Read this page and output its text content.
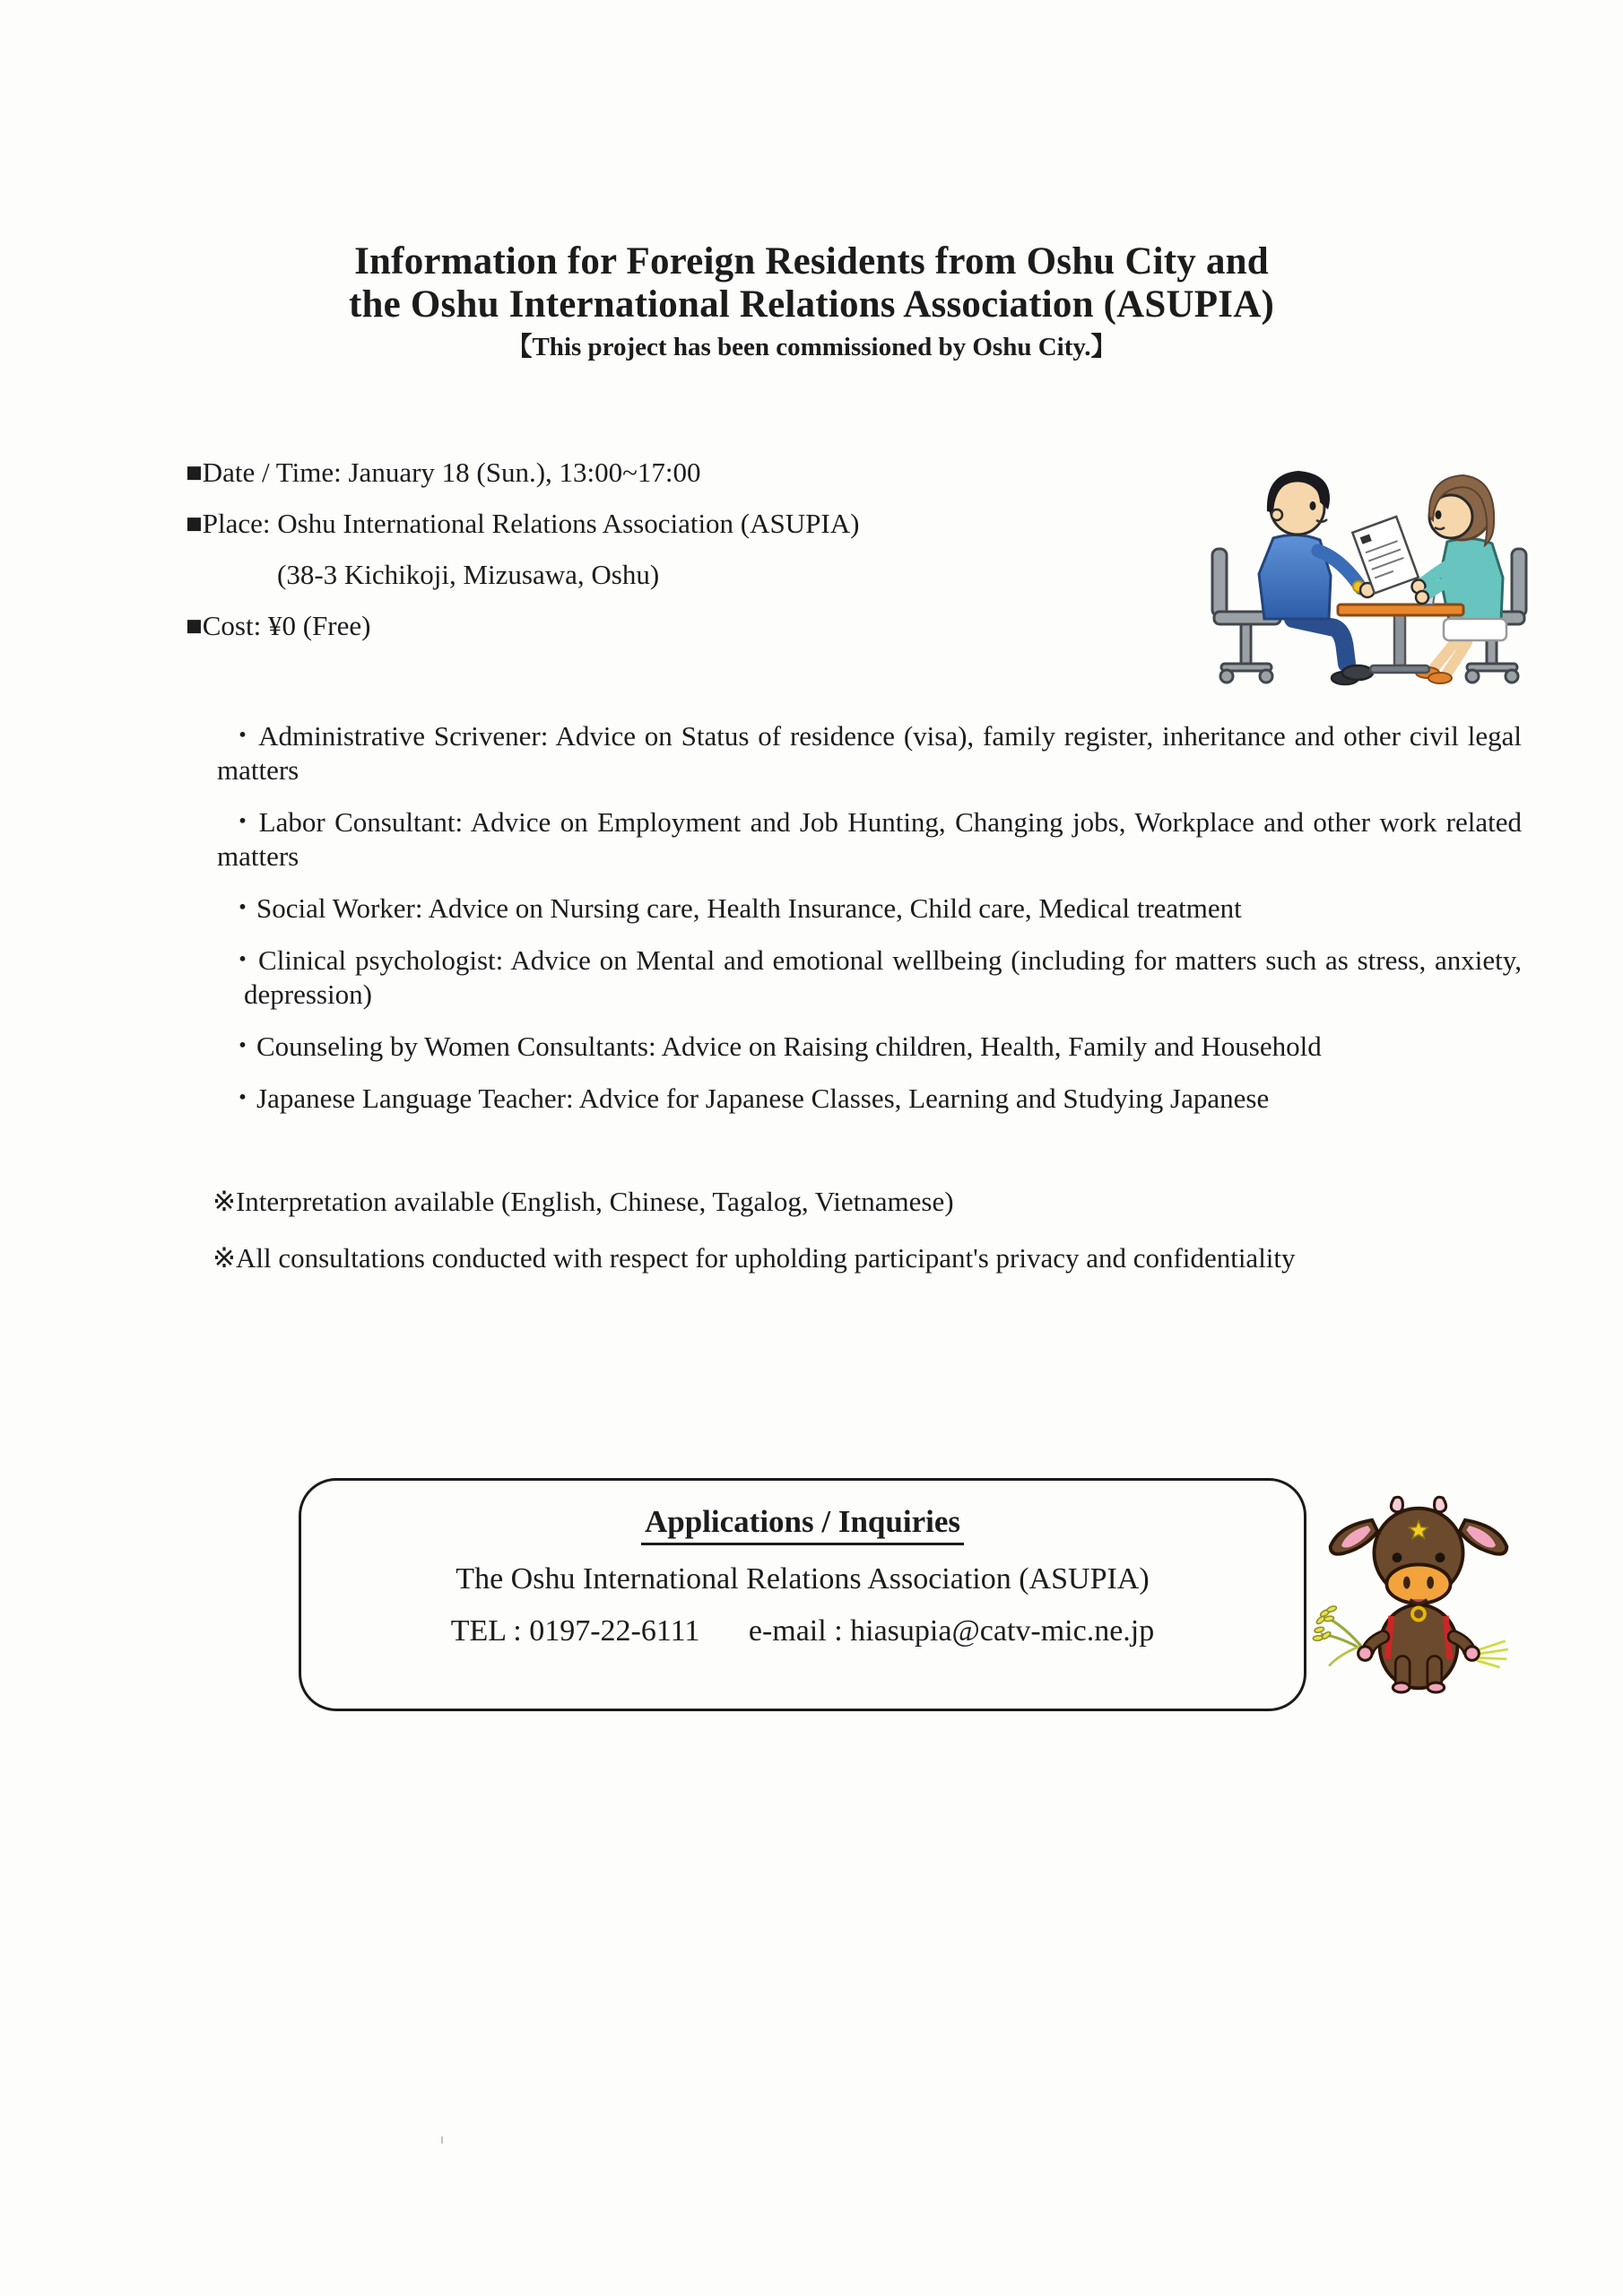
Information for Foreign Residents from Oshu City and
the Oshu International Relations Association (ASUPIA)

【This project has been commissioned by Oshu City.】

■Date / Time: January 18 (Sun.), 13:00~17:00

■Place: Oshu International Relations Association (ASUPIA)

(38-3 Kichikoji, Mizusawa, Oshu)

■Cost: ¥0 (Free)

・Administrative Scrivener: Advice on Status of residence (visa), family register, inheritance and other civil legal matters

・Labor Consultant: Advice on Employment and Job Hunting, Changing jobs, Workplace and other work related matters

・Social Worker: Advice on Nursing care, Health Insurance, Child care, Medical treatment

・Clinical psychologist: Advice on Mental and emotional wellbeing (including for matters such as stress, anxiety, depression)

・Counseling by Women Consultants: Advice on Raising children, Health, Family and Household

・Japanese Language Teacher: Advice for Japanese Classes, Learning and Studying Japanese

※Interpretation available (English, Chinese, Tagalog, Vietnamese)

※All consultations conducted with respect for upholding participant's privacy and confidentiality

Applications / Inquiries
The Oshu International Relations Association (ASUPIA)
TEL : 0197-22-6111 e-mail : hiasupia@catv-mic.ne.jp
